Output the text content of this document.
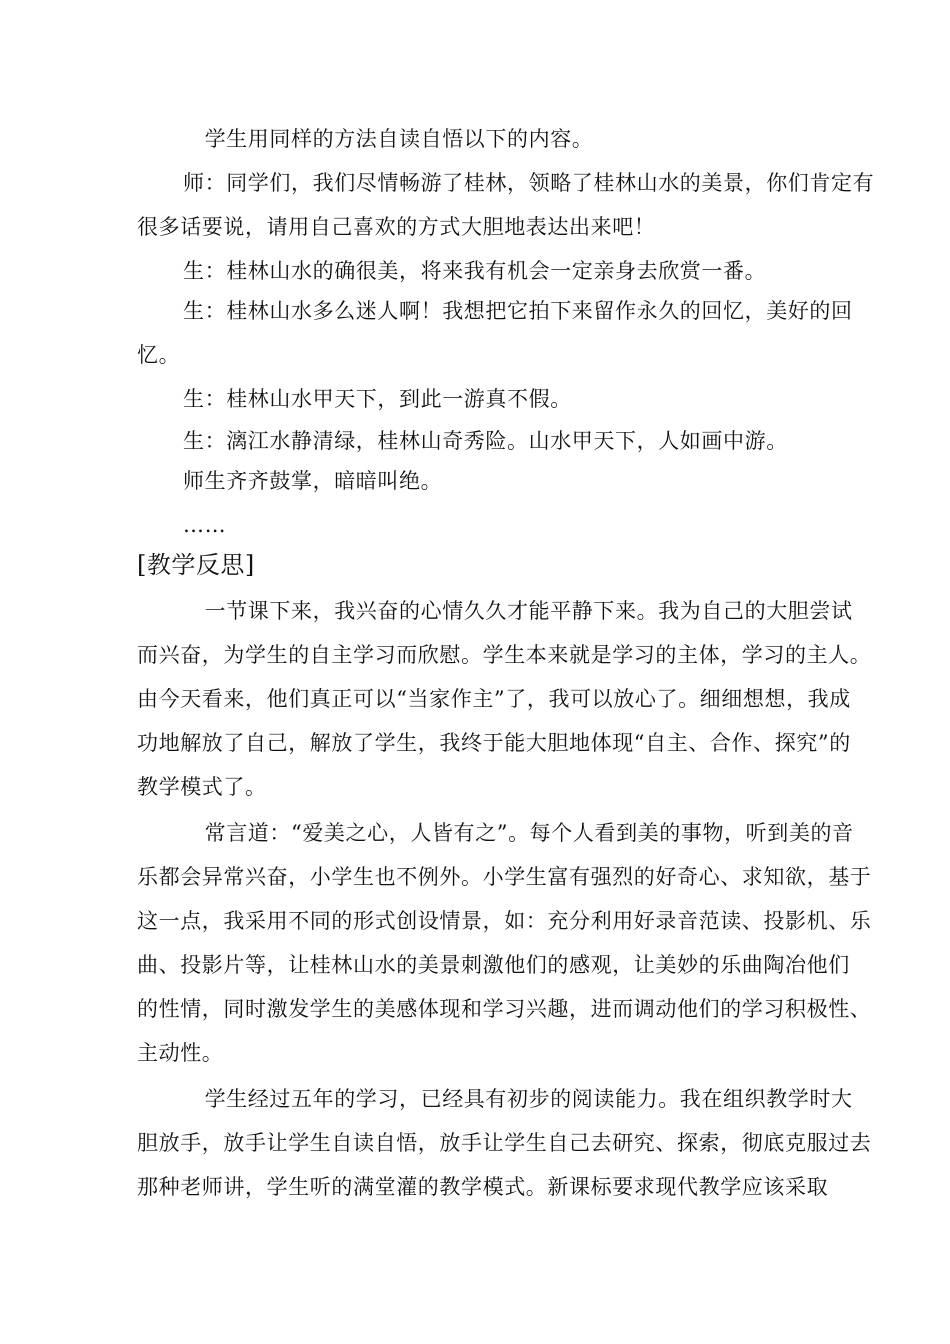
　学生用同样的方法自读自悟以下的内容。
师：同学们，我们尽情畅游了桂林，领略了桂林山水的美景，你们肯定有
很多话要说，请用自己喜欢的方式大胆地表达出来吧！
生：桂林山水的确很美，将来我有机会一定亲身去欣赏一番。
生：桂林山水多么迷人啊！我想把它拍下来留作永久的回忆，美好的回
忆。
生：桂林山水甲天下，到此一游真不假。
生：漓江水静清绿，桂林山奇秀险。山水甲天下，人如画中游。
师生齐齐鼓掌，暗暗叫绝。
……
[教学反思]
　一节课下来，我兴奋的心情久久才能平静下来。我为自己的大胆尝试
而兴奋，为学生的自主学习而欣慰。学生本来就是学习的主体，学习的主人。
由今天看来，他们真正可以“当家作主”了，我可以放心了。细细想想，我成
功地解放了自己，解放了学生，我终于能大胆地体现“自主、合作、探究”的
教学模式了。
　常言道：“爱美之心，人皆有之”。每个人看到美的事物，听到美的音
乐都会异常兴奋，小学生也不例外。小学生富有强烈的好奇心、求知欲，基于
这一点，我采用不同的形式创设情景，如：充分利用好录音范读、投影机、乐
曲、投影片等，让桂林山水的美景刺激他们的感观，让美妙的乐曲陶冶他们
的性情，同时激发学生的美感体现和学习兴趣，进而调动他们的学习积极性、
主动性。
　学生经过五年的学习，已经具有初步的阅读能力。我在组织教学时大
胆放手，放手让学生自读自悟，放手让学生自己去研究、探索，彻底克服过去
那种老师讲，学生听的满堂灌的教学模式。新课标要求现代教学应该采取
